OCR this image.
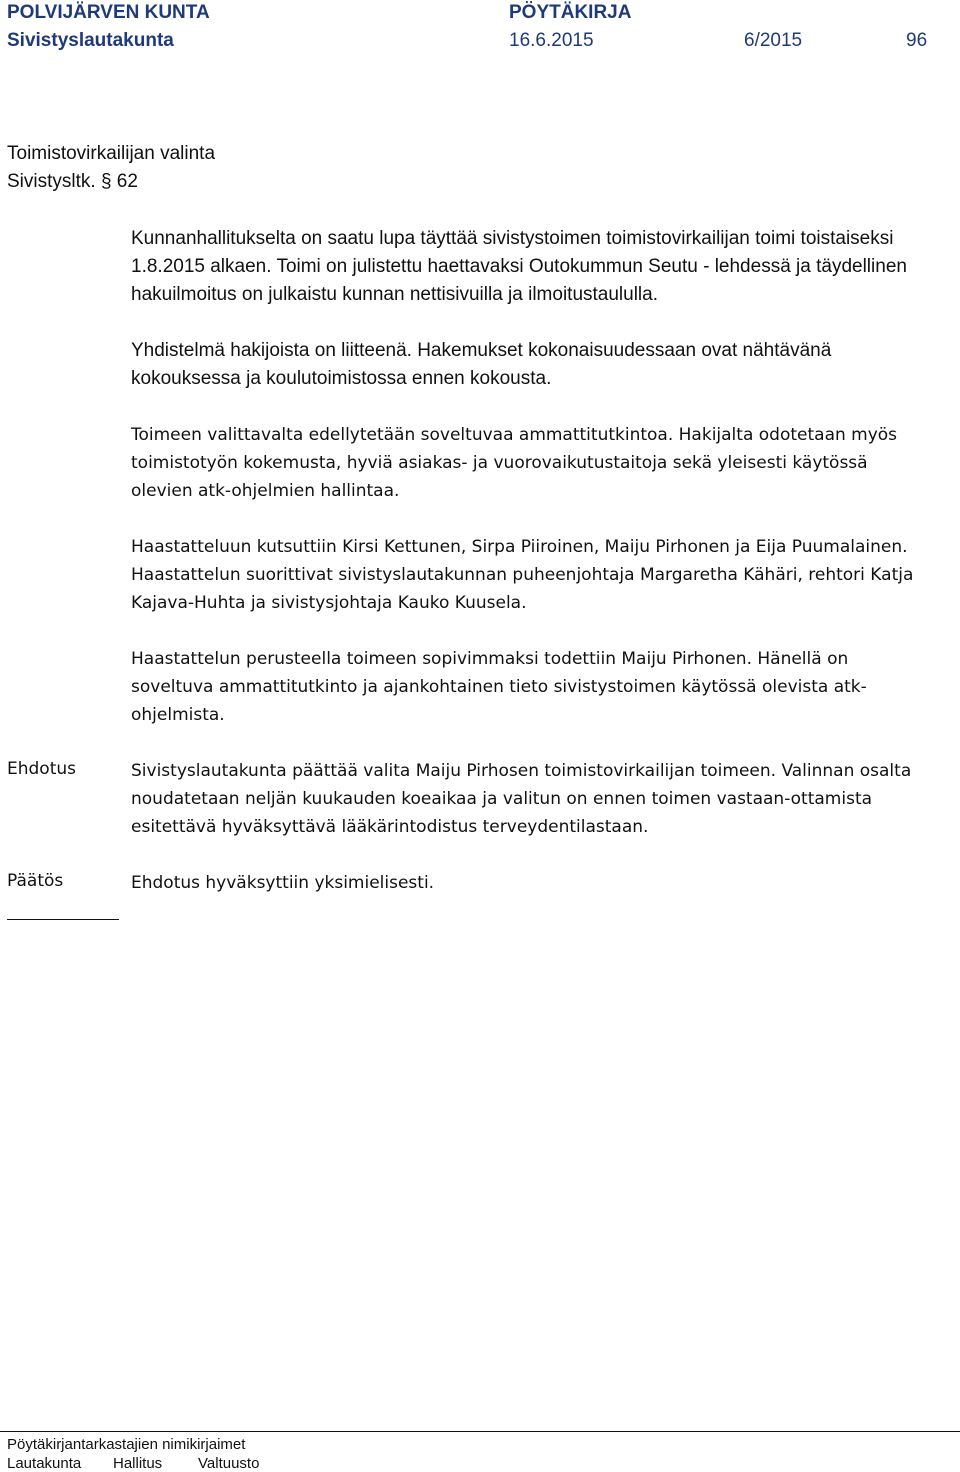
POLVIJÄRVEN KUNTA	PÖYTÄKIRJA
Sivistyslautakunta	16.6.2015	6/2015	96
Toimistovirkailijan valinta
Sivistysltk. § 62
Kunnanhallitukselta on saatu lupa täyttää sivistystoimen toimistovirkailijan toimi toistaiseksi 1.8.2015 alkaen. Toimi on julistettu haettavaksi Outokummun Seutu - lehdessä ja täydellinen hakuilmoitus on julkaistu kunnan nettisivuilla ja ilmoitustaululla.
Yhdistelmä hakijoista on liitteenä. Hakemukset kokonaisuudessaan ovat nähtävänä kokouksessa ja koulutoimistossa ennen kokousta.
Toimeen valittavalta edellytetään soveltuvaa ammattitutkintoa. Hakijalta odotetaan myös toimistotyön kokemusta, hyviä asiakas- ja vuorovaikutustaitoja sekä yleisesti käytössä olevien atk-ohjelmien hallintaa.
Haastatteluun kutsuttiin Kirsi Kettunen, Sirpa Piiroinen, Maiju Pirhonen ja Eija Puumalainen. Haastattelun suorittivat sivistyslautakunnan puheenjohtaja Margaretha Kähäri, rehtori Katja Kajava-Huhta ja sivistysjohtaja Kauko Kuusela.
Haastattelun perusteella toimeen sopivimmaksi todettiin Maiju Pirhonen. Hänellä on soveltuva ammattitutkinto ja ajankohtainen tieto sivistystoimen käytössä olevista atk-ohjelmista.
Ehdotus	Sivistyslautakunta päättää valita Maiju Pirhosen toimistovirkailijan toimeen. Valinnan osalta noudatetaan neljän kuukauden koeaikaa ja valitun on ennen toimen vastaan-ottamista esitettävä hyväksyttävä lääkärintodistus terveydentilastaan.
Päätös	Ehdotus hyväksyttiin yksimielisesti.
Pöytäkirjantarkastajien nimikirjaimet
Lautakunta Hallitus Valtuusto
